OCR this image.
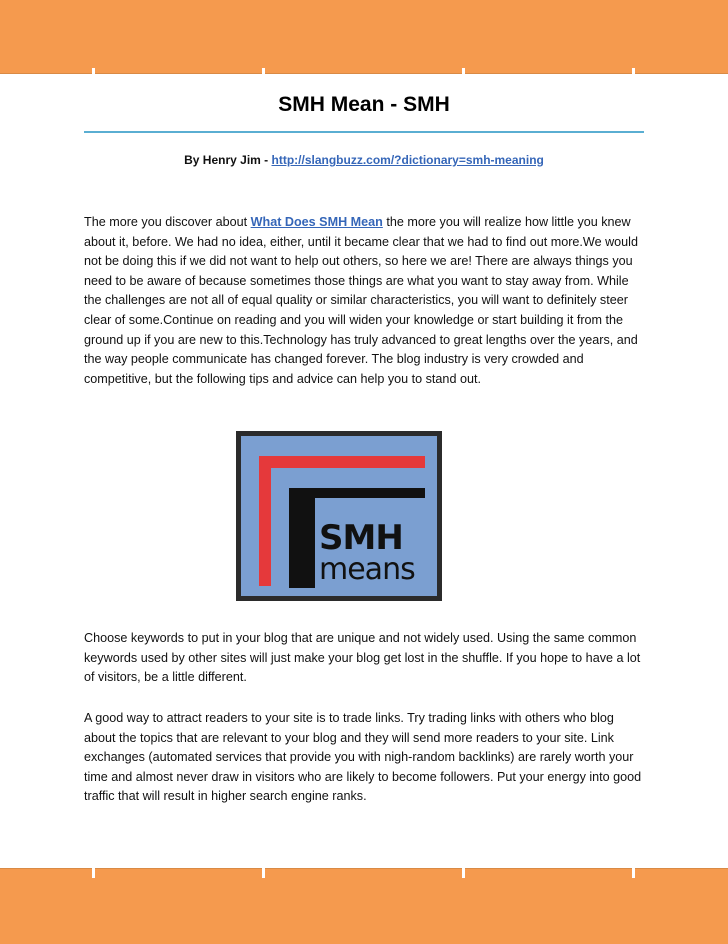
SMH Mean - SMH
By Henry Jim - http://slangbuzz.com/?dictionary=smh-meaning

The more you discover about What Does SMH Mean the more you will realize how little you knew about it, before. We had no idea, either, until it became clear that we had to find out more.We would not be doing this if we did not want to help out others, so here we are! There are always things you need to be aware of because sometimes those things are what you want to stay away from. While the challenges are not all of equal quality or similar characteristics, you will want to definitely steer clear of some.Continue on reading and you will widen your knowledge or start building it from the ground up if you are new to this.Technology has truly advanced to great lengths over the years, and the way people communicate has changed forever. The blog industry is very crowded and competitive, but the following tips and advice can help you to stand out.

SMH
means

Choose keywords to put in your blog that are unique and not widely used. Using the same common keywords used by other sites will just make your blog get lost in the shuffle. If you hope to have a lot of visitors, be a little different.

A good way to attract readers to your site is to trade links. Try trading links with others who blog about the topics that are relevant to your blog and they will send more readers to your site. Link exchanges (automated services that provide you with nigh-random backlinks) are rarely worth your time and almost never draw in visitors who are likely to become followers. Put your energy into good traffic that will result in higher search engine ranks.
